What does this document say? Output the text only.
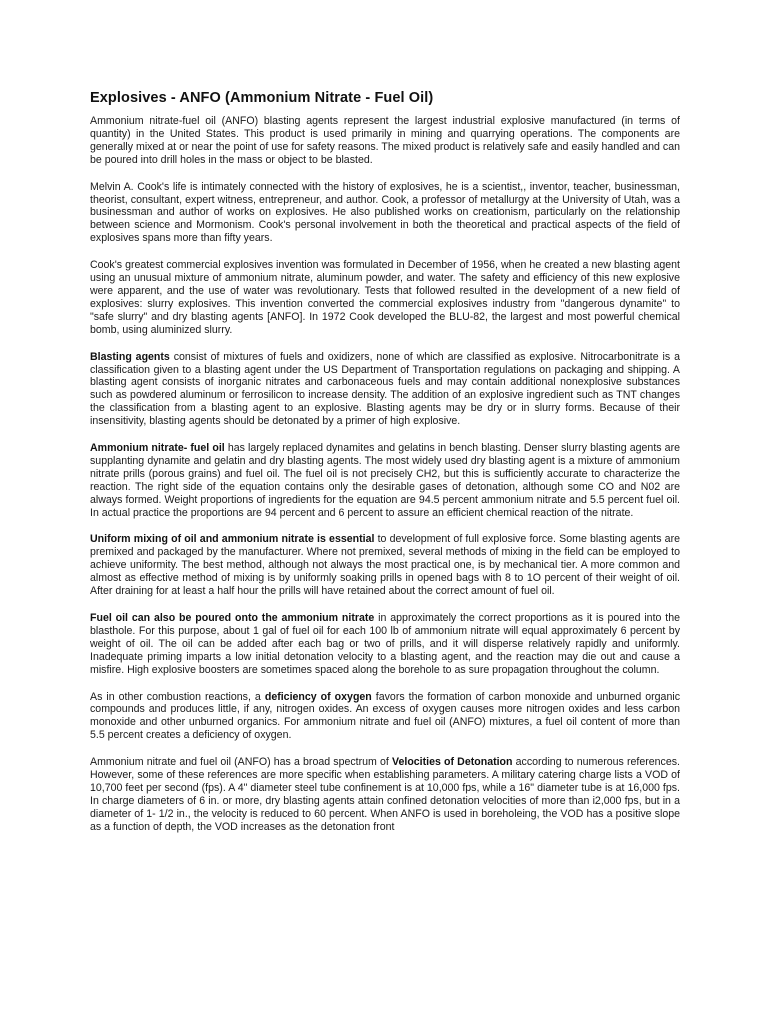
Explosives - ANFO (Ammonium Nitrate - Fuel Oil)

Ammonium nitrate-fuel oil (ANFO) blasting agents represent the largest industrial explosive manufactured (in terms of quantity) in the United States. This product is used primarily in mining and quarrying operations. The components are generally mixed at or near the point of use for safety reasons. The mixed product is relatively safe and easily handled and can be poured into drill holes in the mass or object to be blasted.

Melvin A. Cook's life is intimately connected with the history of explosives, he is a scientist,, inventor, teacher, businessman, theorist, consultant, expert witness, entrepreneur, and author. Cook, a professor of metallurgy at the University of Utah, was a businessman and author of works on explosives. He also published works on creationism, particularly on the relationship between science and Mormonism. Cook's personal involvement in both the theoretical and practical aspects of the field of explosives spans more than fifty years.

Cook's greatest commercial explosives invention was formulated in December of 1956, when he created a new blasting agent using an unusual mixture of ammonium nitrate, aluminum powder, and water. The safety and efficiency of this new explosive were apparent, and the use of water was revolutionary. Tests that followed resulted in the development of a new field of explosives: slurry explosives. This invention converted the commercial explosives industry from "dangerous dynamite" to "safe slurry" and dry blasting agents [ANFO]. In 1972 Cook developed the BLU-82, the largest and most powerful chemical bomb, using aluminized slurry.

Blasting agents consist of mixtures of fuels and oxidizers, none of which are classified as explosive. Nitrocarbonitrate is a classification given to a blasting agent under the US Department of Transportation regulations on packaging and shipping. A blasting agent consists of inorganic nitrates and carbonaceous fuels and may contain additional nonexplosive substances such as powdered aluminum or ferrosilicon to increase density. The addition of an explosive ingredient such as TNT changes the classification from a blasting agent to an explosive. Blasting agents may be dry or in slurry forms. Because of their insensitivity, blasting agents should be detonated by a primer of high explosive.

Ammonium nitrate- fuel oil has largely replaced dynamites and gelatins in bench blasting. Denser slurry blasting agents are supplanting dynamite and gelatin and dry blasting agents. The most widely used dry blasting agent is a mixture of ammonium nitrate prills (porous grains) and fuel oil. The fuel oil is not precisely CH2, but this is sufficiently accurate to characterize the reaction. The right side of the equation contains only the desirable gases of detonation, although some CO and N02 are always formed. Weight proportions of ingredients for the equation are 94.5 percent ammonium nitrate and 5.5 percent fuel oil. In actual practice the proportions are 94 percent and 6 percent to assure an efficient chemical reaction of the nitrate.

Uniform mixing of oil and ammonium nitrate is essential to development of full explosive force. Some blasting agents are premixed and packaged by the manufacturer. Where not premixed, several methods of mixing in the field can be employed to achieve uniformity. The best method, although not always the most practical one, is by mechanical tier. A more common and almost as effective method of mixing is by uniformly soaking prills in opened bags with 8 to 1O percent of their weight of oil. After draining for at least a half hour the prills will have retained about the correct amount of fuel oil.

Fuel oil can also be poured onto the ammonium nitrate in approximately the correct proportions as it is poured into the blasthole. For this purpose, about 1 gal of fuel oil for each 100 lb of ammonium nitrate will equal approximately 6 percent by weight of oil. The oil can be added after each bag or two of prills, and it will disperse relatively rapidly and uniformly. Inadequate priming imparts a low initial detonation velocity to a blasting agent, and the reaction may die out and cause a misfire. High explosive boosters are sometimes spaced along the borehole to as sure propagation throughout the column.

As in other combustion reactions, a deficiency of oxygen favors the formation of carbon monoxide and unburned organic compounds and produces little, if any, nitrogen oxides. An excess of oxygen causes more nitrogen oxides and less carbon monoxide and other unburned organics. For ammonium nitrate and fuel oil (ANFO) mixtures, a fuel oil content of more than 5.5 percent creates a deficiency of oxygen.

Ammonium nitrate and fuel oil (ANFO) has a broad spectrum of Velocities of Detonation according to numerous references. However, some of these references are more specific when establishing parameters. A military catering charge lists a VOD of 10,700 feet per second (fps). A 4" diameter steel tube confinement is at 10,000 fps, while a 16" diameter tube is at 16,000 fps. In charge diameters of 6 in. or more, dry blasting agents attain confined detonation velocities of more than i2,000 fps, but in a diameter of 1- 1/2 in., the velocity is reduced to 60 percent. When ANFO is used in boreholeing, the VOD has a positive slope as a function of depth, the VOD increases as the detonation front
